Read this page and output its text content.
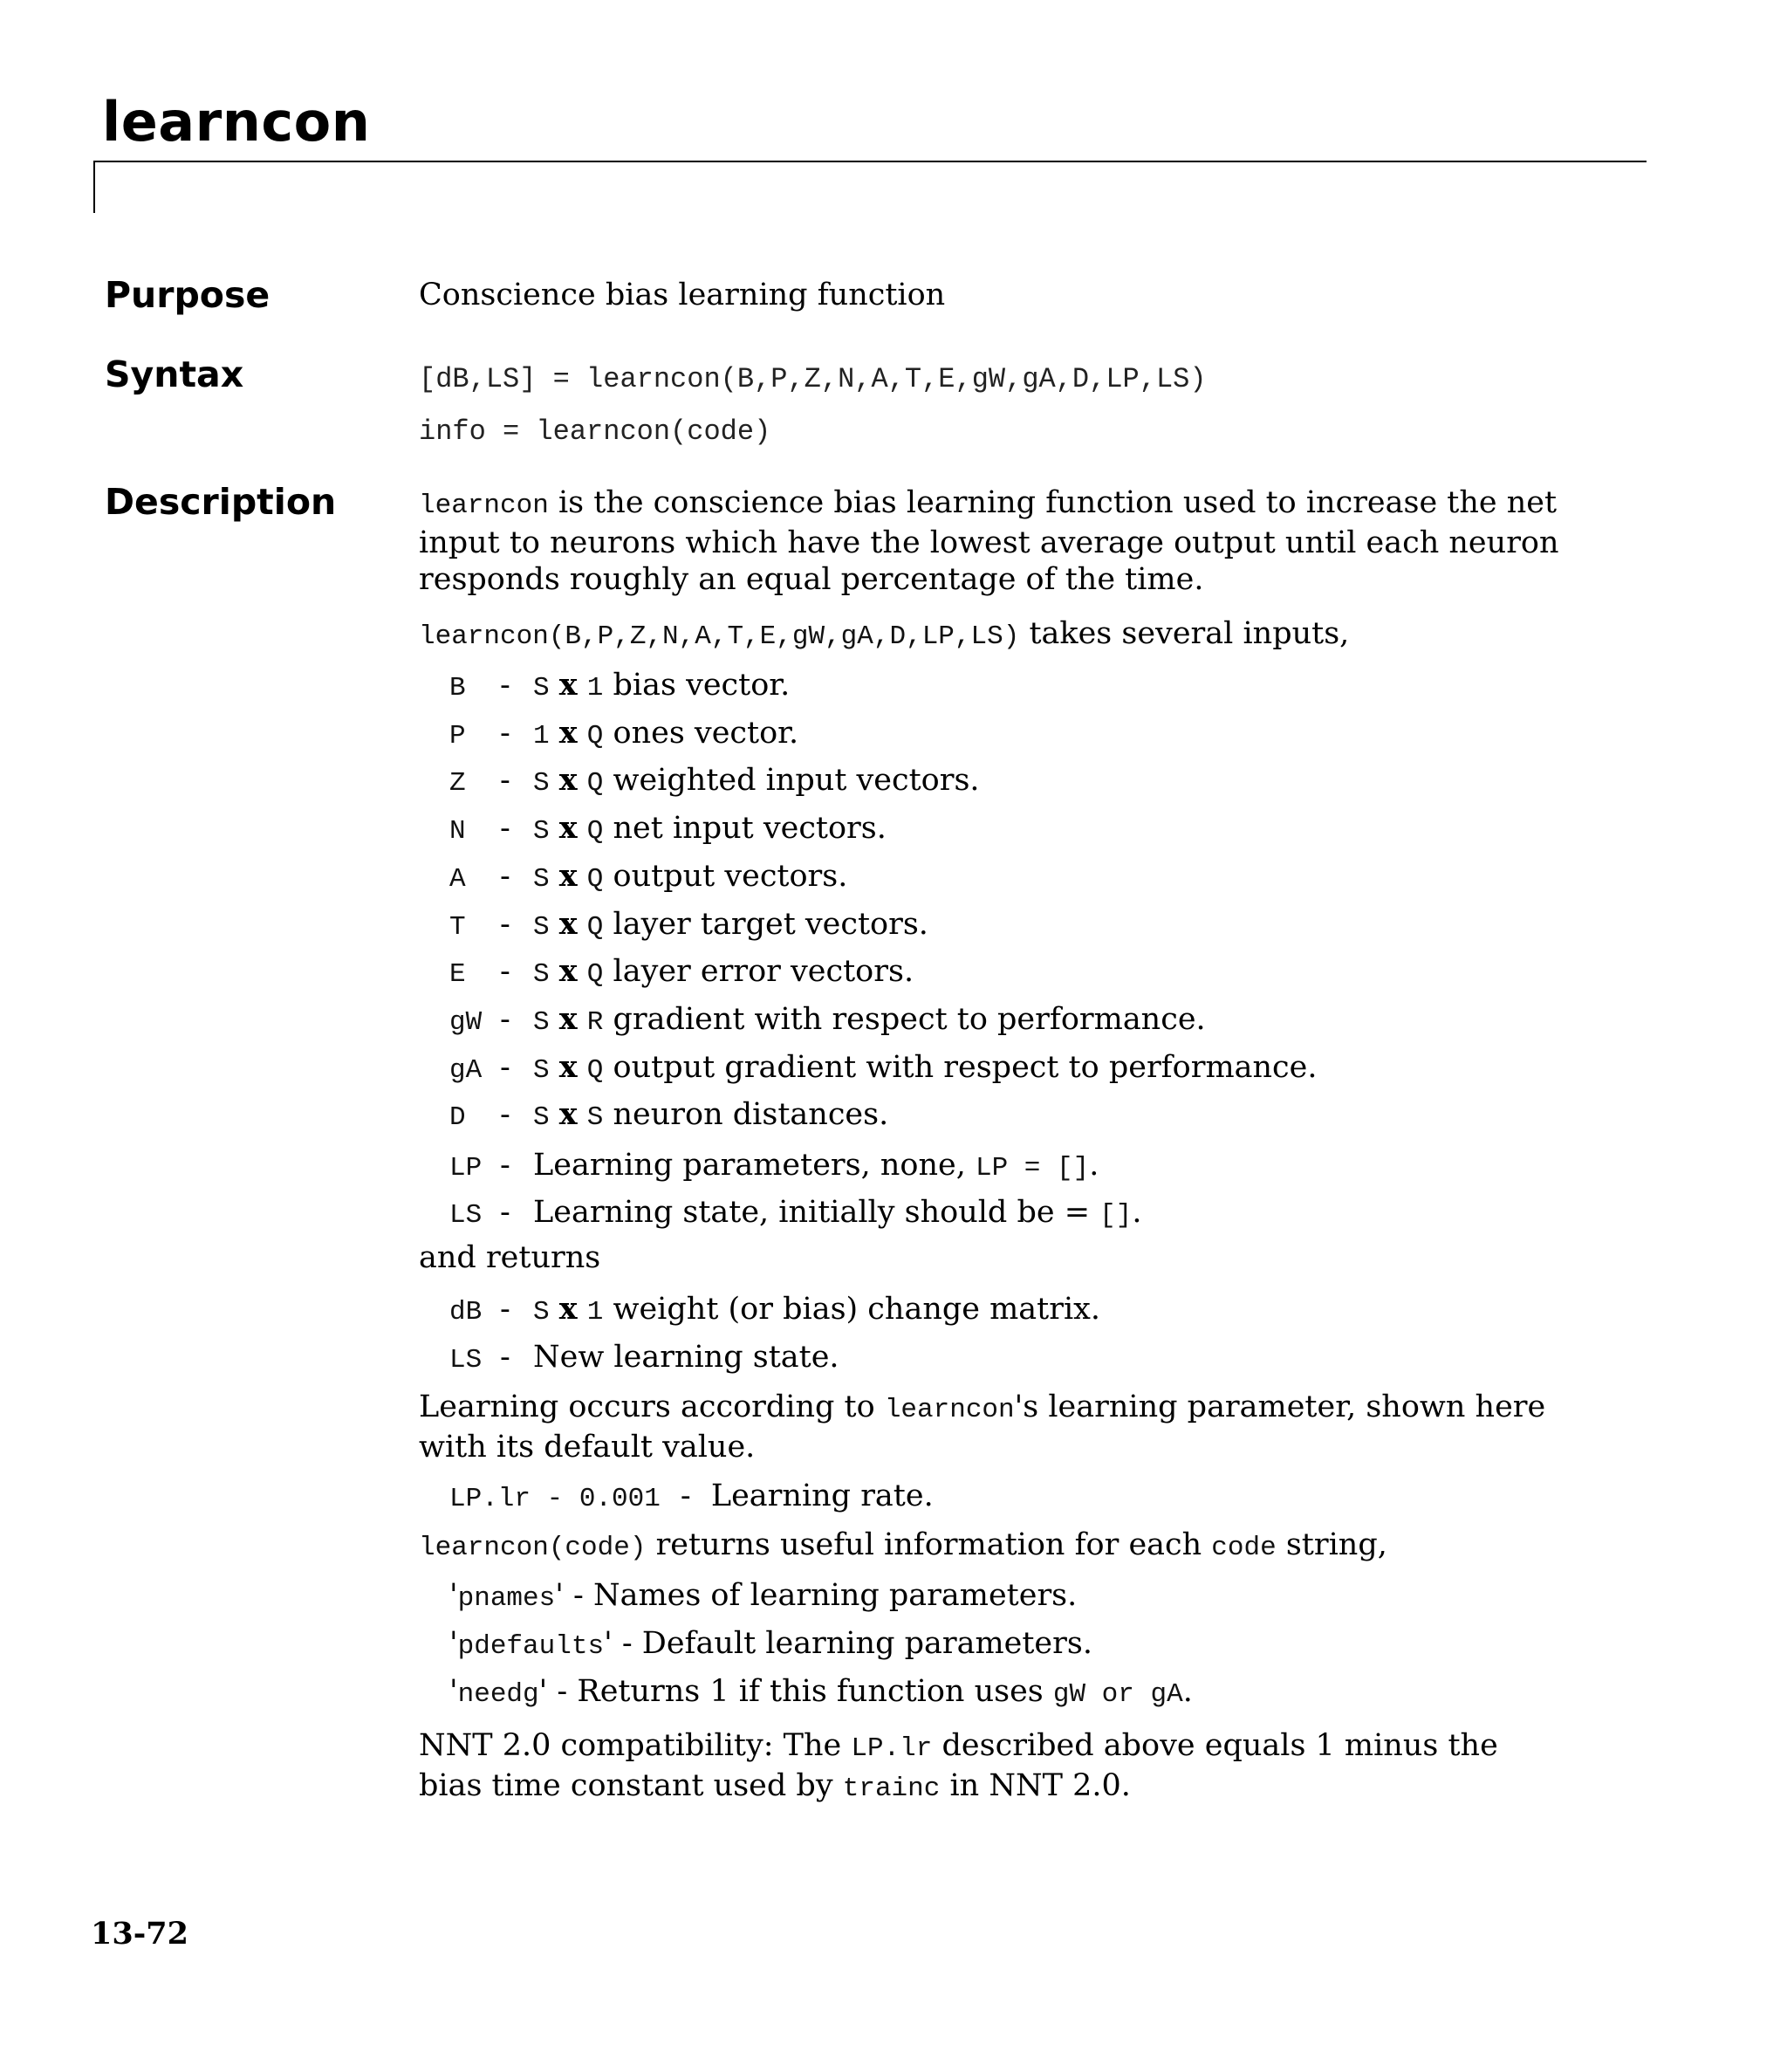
learncon
Purpose	Conscience bias learning function
Syntax	[dB,LS] = learncon(B,P,Z,N,A,T,E,gW,gA,D,LP,LS)
info = learncon(code)
Description	learncon is the conscience bias learning function used to increase the net input to neurons which have the lowest average output until each neuron responds roughly an equal percentage of the time.
learncon(B,P,Z,N,A,T,E,gW,gA,D,LP,LS) takes several inputs,
B - S x 1 bias vector.
P - 1 x Q ones vector.
Z - S x Q weighted input vectors.
N - S x Q net input vectors.
A - S x Q output vectors.
T - S x Q layer target vectors.
E - S x Q layer error vectors.
gW - S x R gradient with respect to performance.
gA - S x Q output gradient with respect to performance.
D - S x S neuron distances.
LP - Learning parameters, none, LP = [].
LS - Learning state, initially should be = [].
and returns
dB - S x 1 weight (or bias) change matrix.
LS - New learning state.
Learning occurs according to learncon's learning parameter, shown here with its default value.
LP.lr - 0.001 - Learning rate.
learncon(code) returns useful information for each code string,
'pnames' - Names of learning parameters.
'pdefaults' - Default learning parameters.
'needg' - Returns 1 if this function uses gW or gA.
NNT 2.0 compatibility: The LP.lr described above equals 1 minus the bias time constant used by trainc in NNT 2.0.
13-72
